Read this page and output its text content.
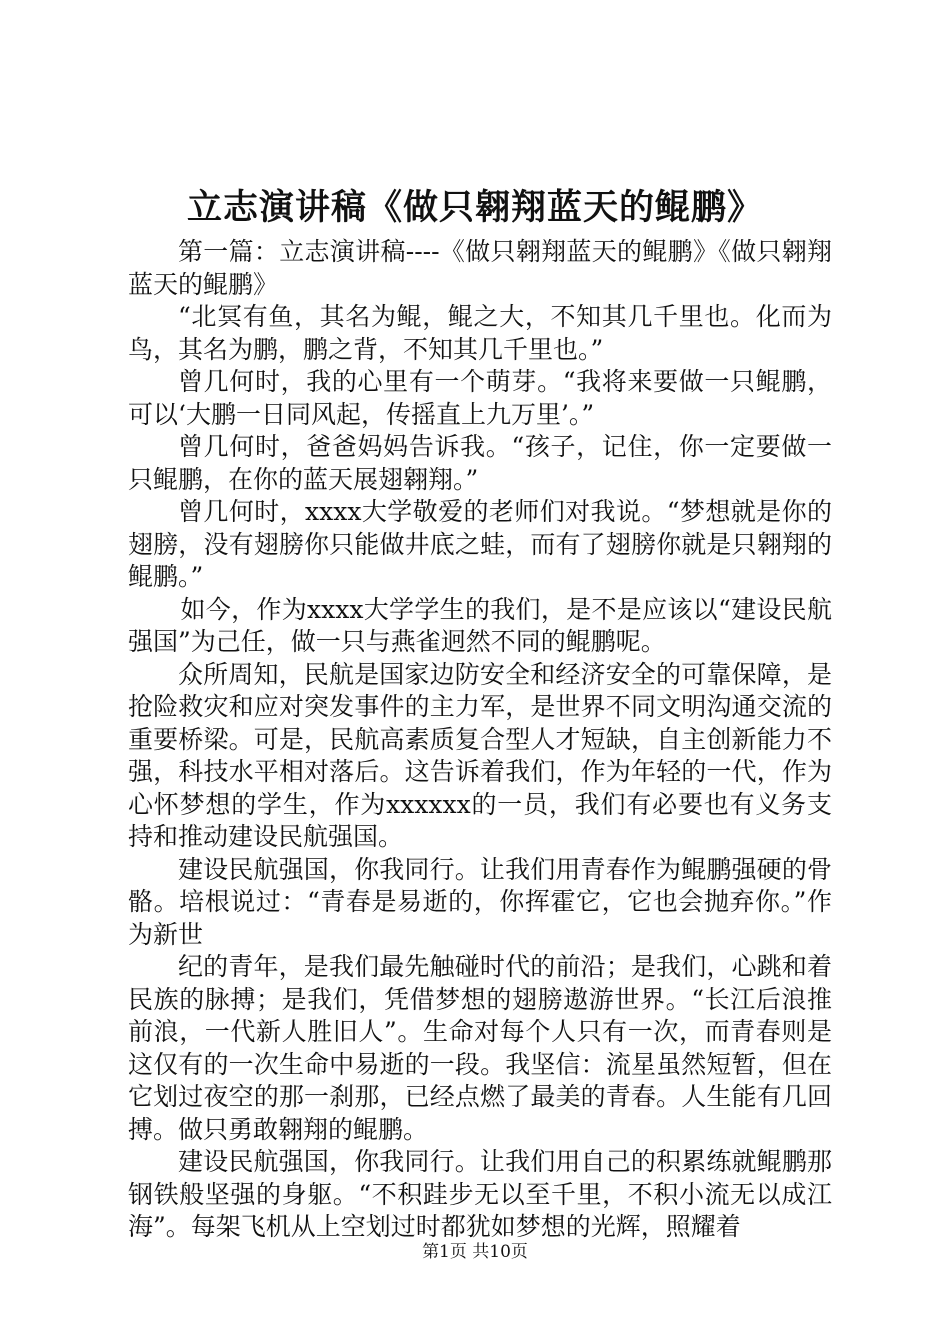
立志演讲稿《做只翱翔蓝天的鲲鹏》

第一篇：立志演讲稿----《做只翱翔蓝天的鲲鹏》《做只翱翔蓝天的鲲鹏》

“北冥有鱼，其名为鲲，鲲之大，不知其几千里也。化而为鸟，其名为鹏，鹏之背，不知其几千里也。”

曾几何时，我的心里有一个萌芽。“我将来要做一只鲲鹏，可以‘大鹏一日同风起，传摇直上九万里’。”

曾几何时，爸爸妈妈告诉我。“孩子，记住，你一定要做一只鲲鹏，在你的蓝天展翅翱翔。”

曾几何时，xxxx大学敬爱的老师们对我说。“梦想就是你的翅膀，没有翅膀你只能做井底之蛙，而有了翅膀你就是只翱翔的鲲鹏。”

如今，作为xxxx大学学生的我们，是不是应该以“建设民航强国”为己任，做一只与燕雀迥然不同的鲲鹏呢。

众所周知，民航是国家边防安全和经济安全的可靠保障，是抢险救灾和应对突发事件的主力军，是世界不同文明沟通交流的重要桥梁。可是，民航高素质复合型人才短缺，自主创新能力不强，科技水平相对落后。这告诉着我们，作为年轻的一代，作为心怀梦想的学生，作为xxxxxx的一员，我们有必要也有义务支持和推动建设民航强国。

建设民航强国，你我同行。让我们用青春作为鲲鹏强硬的骨骼。培根说过：“青春是易逝的，你挥霍它，它也会抛弃你。”作为新世

纪的青年，是我们最先触碰时代的前沿；是我们，心跳和着民族的脉搏；是我们，凭借梦想的翅膀遨游世界。“长江后浪推前浪，一代新人胜旧人”。生命对每个人只有一次，而青春则是这仅有的一次生命中易逝的一段。我坚信：流星虽然短暂，但在它划过夜空的那一刹那，已经点燃了最美的青春。人生能有几回搏。做只勇敢翱翔的鲲鹏。

建设民航强国，你我同行。让我们用自己的积累练就鲲鹏那钢铁般坚强的身躯。“不积跬步无以至千里，不积小流无以成江海”。每架飞机从上空划过时都犹如梦想的光辉，照耀着

第1页 共10页
